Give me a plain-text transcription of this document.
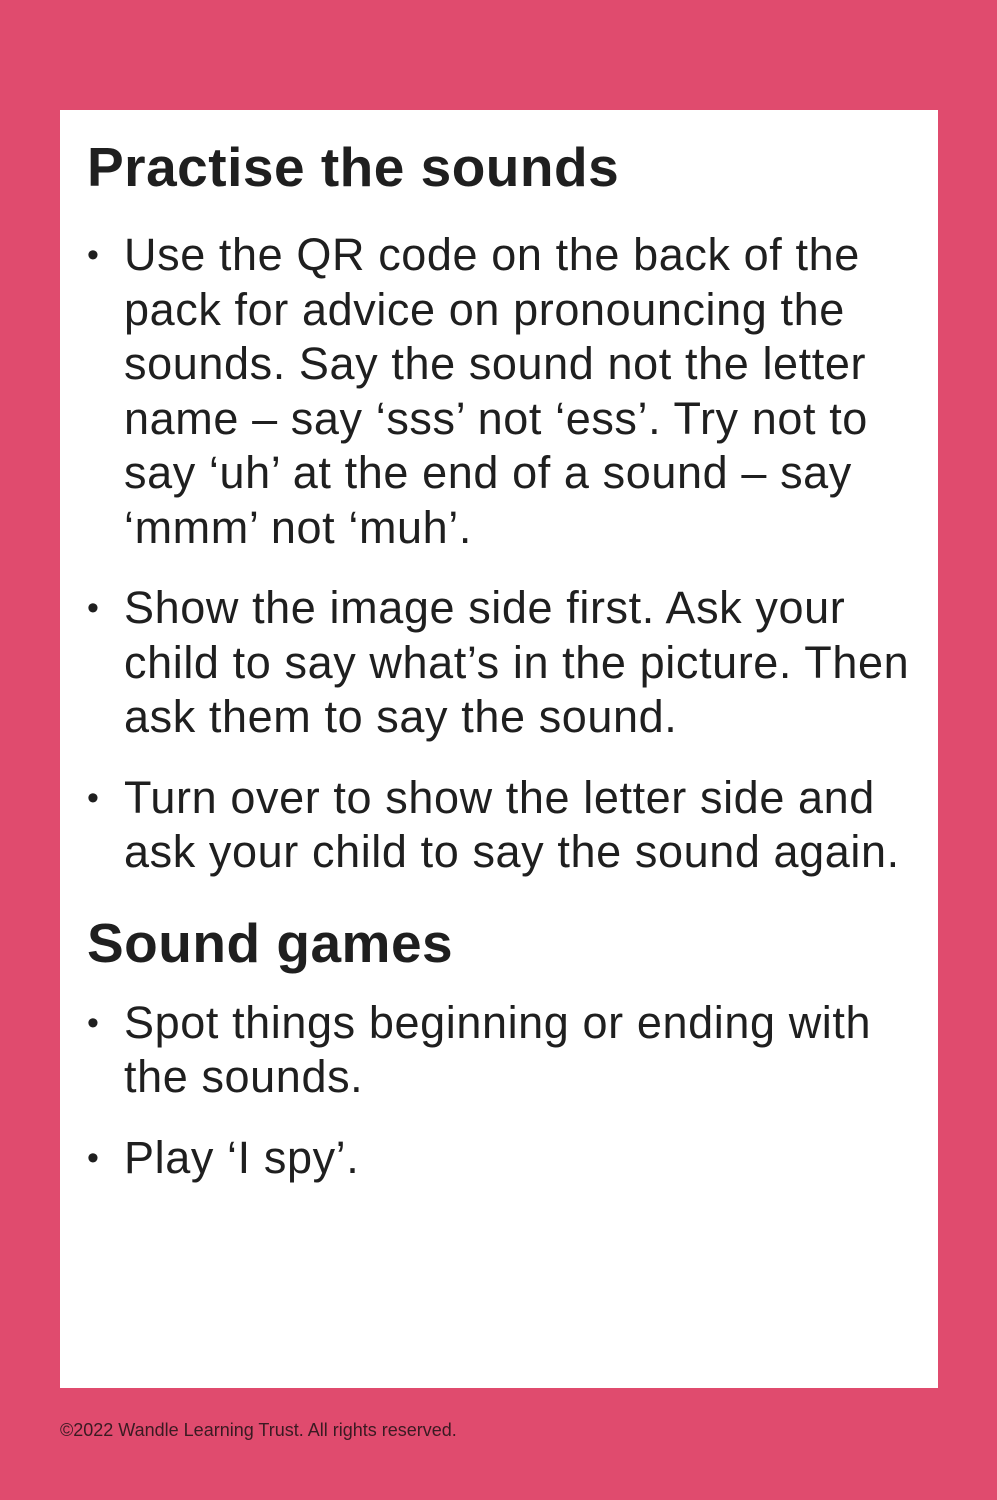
Practise the sounds
• Use the QR code on the back of the pack for advice on pronouncing the sounds. Say the sound not the letter name – say ‘sss’ not ‘ess’. Try not to say ‘uh’ at the end of a sound – say ‘mmm’ not ‘muh’.
• Show the image side first. Ask your child to say what’s in the picture. Then ask them to say the sound.
• Turn over to show the letter side and ask your child to say the sound again.
Sound games
• Spot things beginning or ending with the sounds.
• Play ‘I spy’.
©2022 Wandle Learning Trust. All rights reserved.
